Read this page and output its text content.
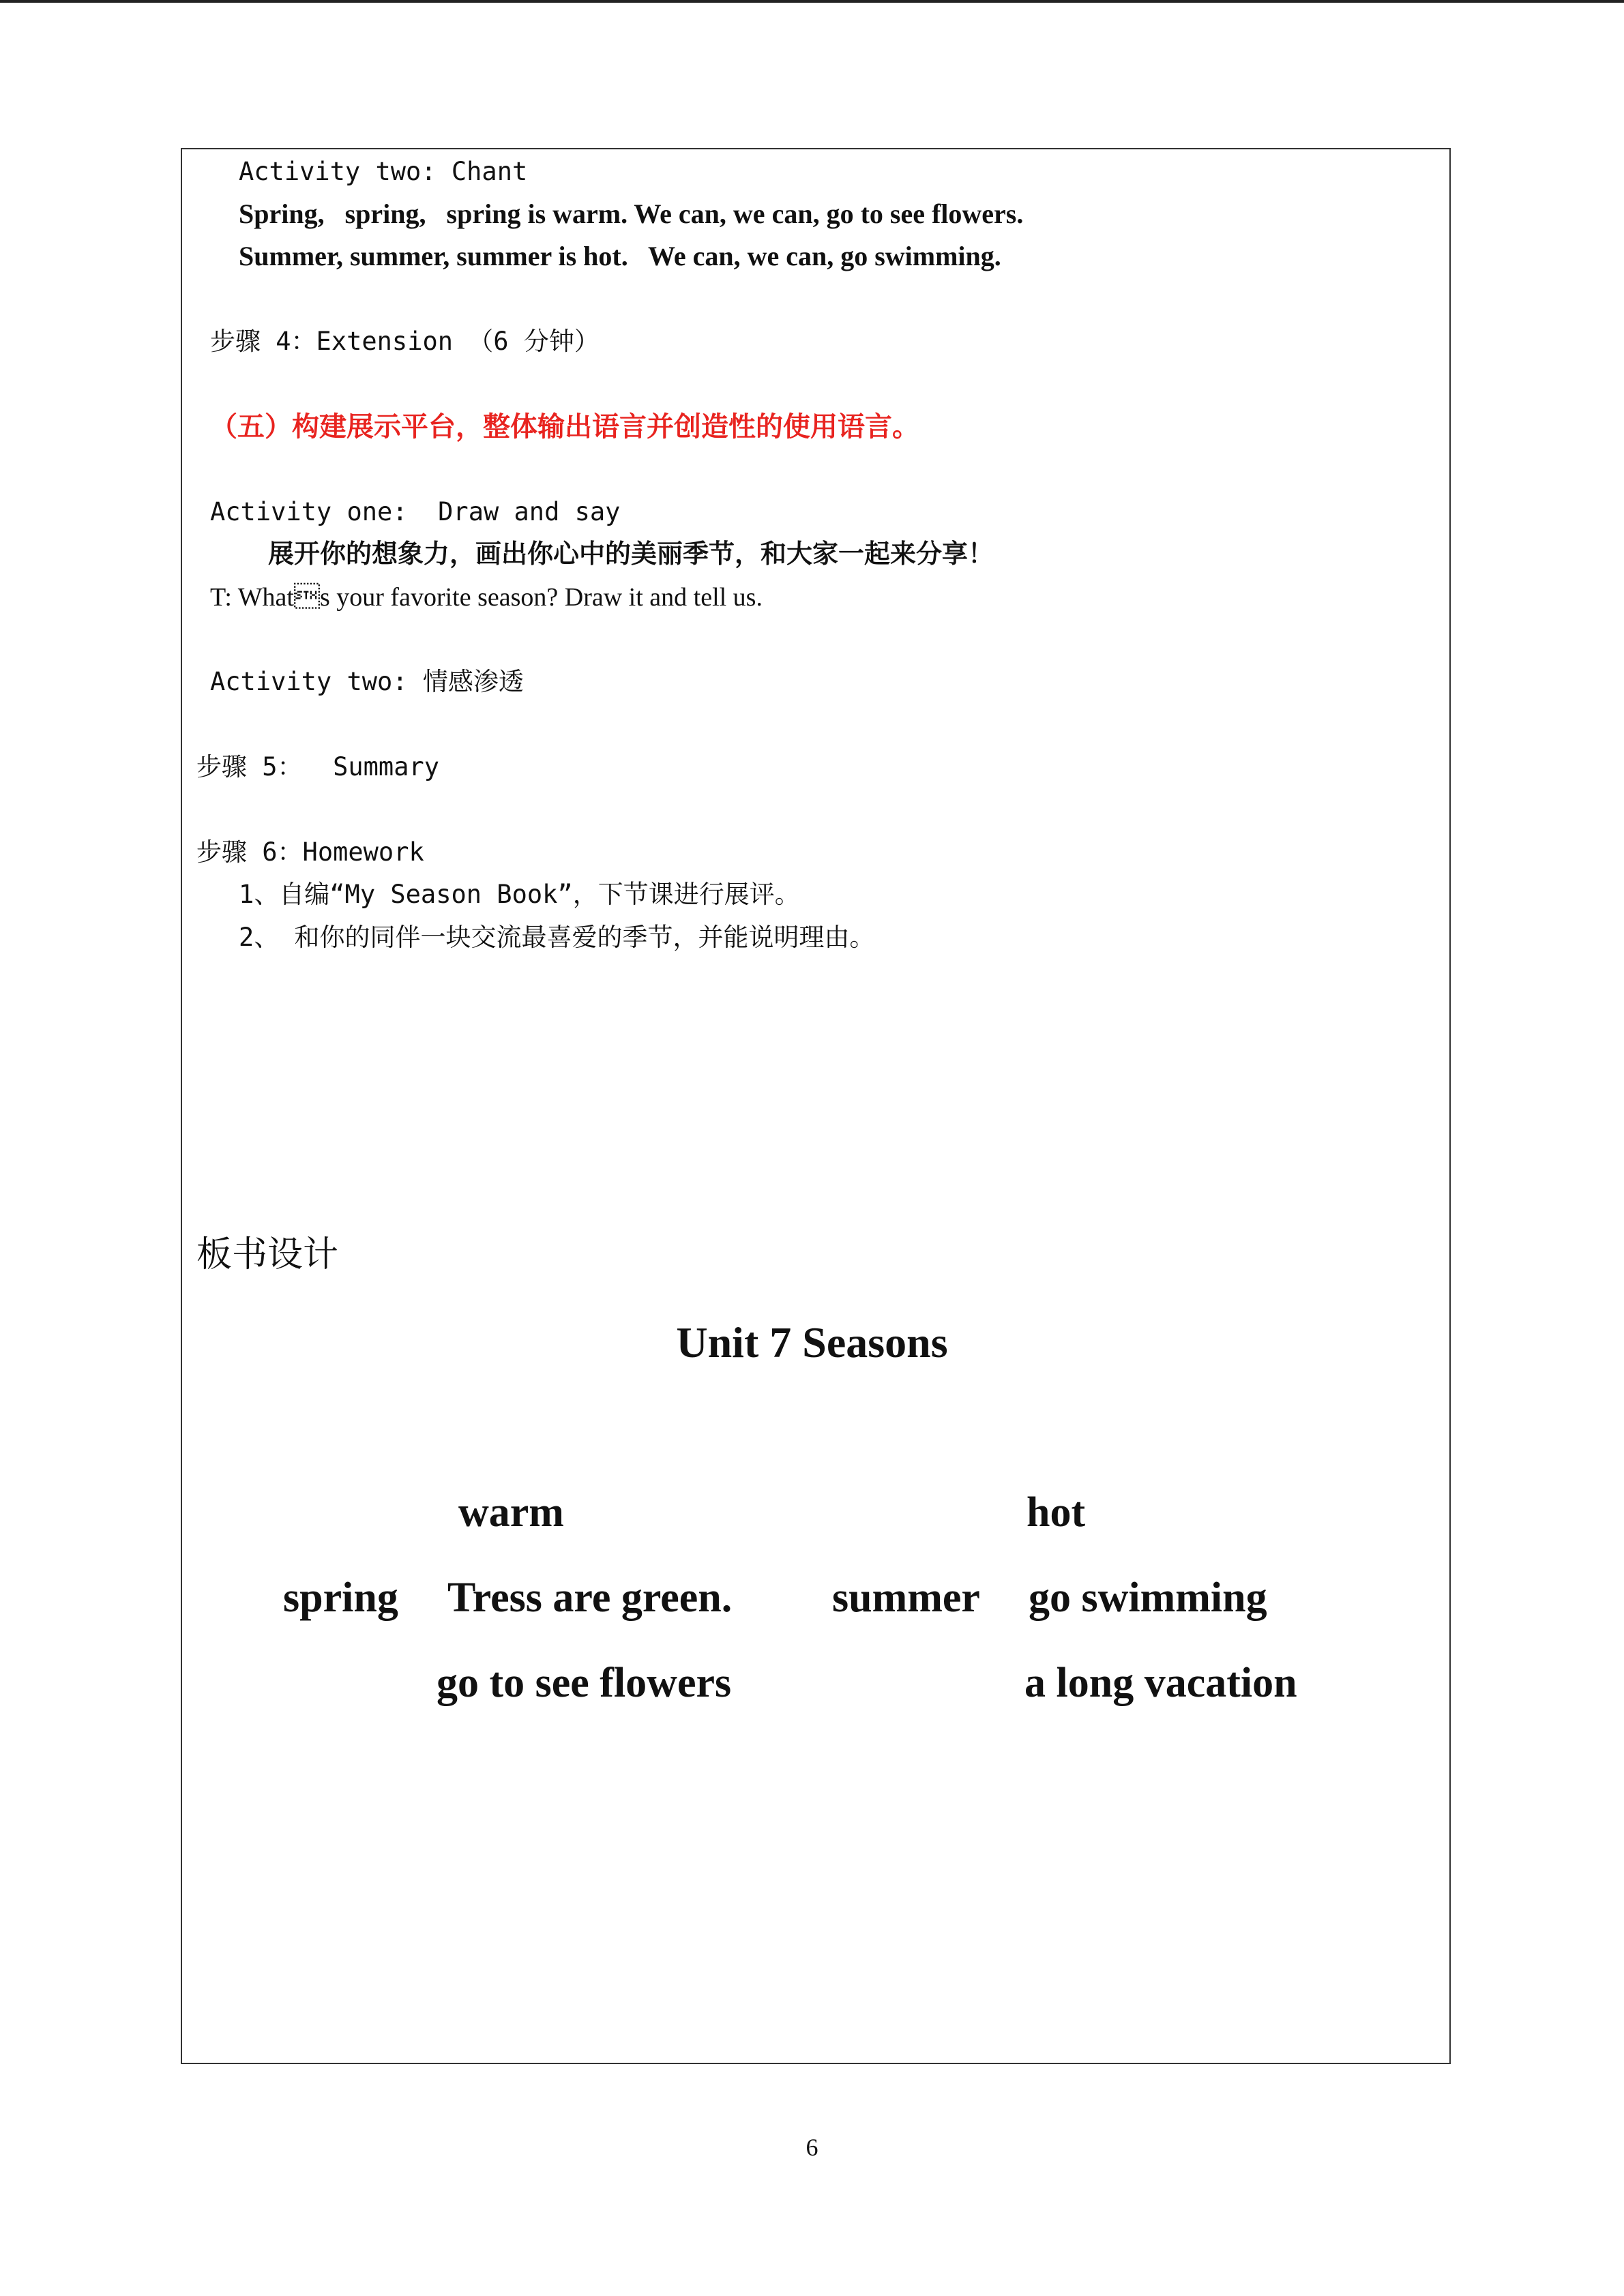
Activity two: Chant
Spring,   spring,   spring is warm. We can, we can, go to see flowers.
Summer, summer, summer is hot.   We can, we can, go swimming.
步骤 4：Extension （6 分钟）
（五）构建展示平台，整体输出语言并创造性的使用语言。
Activity one:  Draw and say
展开你的想象力，画出你心中的美丽季节，和大家一起来分享！
T: Whats your favorite season? Draw it and tell us.
Activity two: 情感渗透
步骤 5：  Summary
步骤 6：Homework
1、自编“My Season Book”，下节课进行展评。
2、 和你的同伴一块交流最喜爱的季节，并能说明理由。
板书设计
Unit 7 Seasons
warm
spring Tress are green.
go to see flowers
hot
summer go swimming
a long vacation
6
